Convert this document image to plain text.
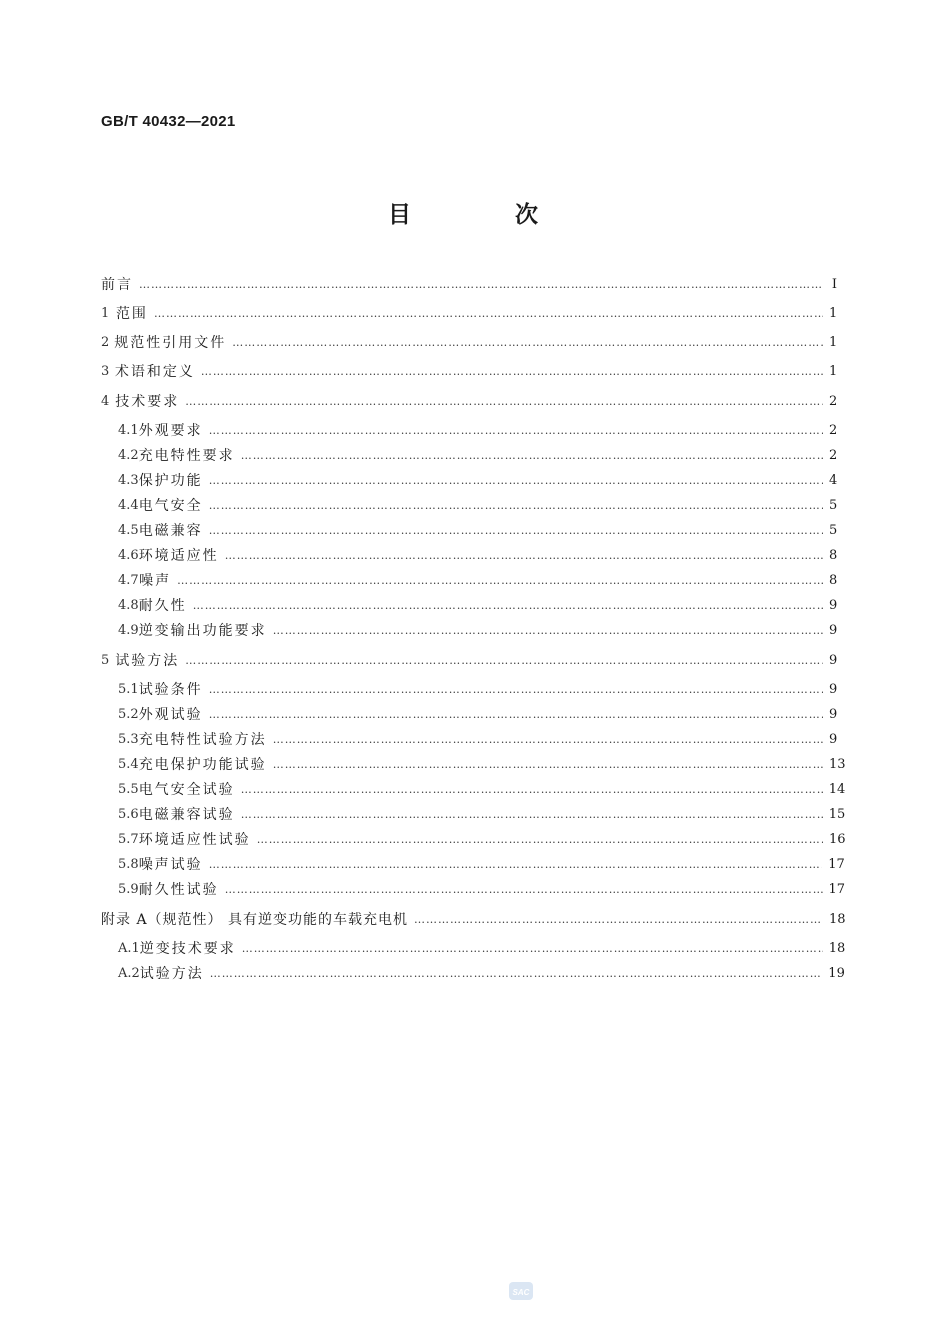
GB/T 40432—2021
目 次
前言 …………………………………………………………………………………………………………………………………………………………………………………………………………………………………………………………………	Ⅰ
1 范围 …………………………………………………………………………………………………………………………………………………………………………………………………………………………………………………………………	1
2 规范性引用文件 …………………………………………………………………………………………………………………………………………………………………………………………………………………………………………………………………	1
3 术语和定义 …………………………………………………………………………………………………………………………………………………………………………………………………………………………………………………………………	1
4 技术要求 …………………………………………………………………………………………………………………………………………………………………………………………………………………………………………………………………	2
4.1 外观要求 …………………………………………………………………………………………………………………………………………………………………………………………………………………………………………………………………	2
4.2 充电特性要求 …………………………………………………………………………………………………………………………………………………………………………………………………………………………………………………………………	2
4.3 保护功能 …………………………………………………………………………………………………………………………………………………………………………………………………………………………………………………………………	4
4.4 电气安全 …………………………………………………………………………………………………………………………………………………………………………………………………………………………………………………………………	5
4.5 电磁兼容 …………………………………………………………………………………………………………………………………………………………………………………………………………………………………………………………………	5
4.6 环境适应性 …………………………………………………………………………………………………………………………………………………………………………………………………………………………………………………………………	8
4.7 噪声 …………………………………………………………………………………………………………………………………………………………………………………………………………………………………………………………………	8
4.8 耐久性 …………………………………………………………………………………………………………………………………………………………………………………………………………………………………………………………………	9
4.9 逆变输出功能要求 …………………………………………………………………………………………………………………………………………………………………………………………………………………………………………………………………	9
5 试验方法 …………………………………………………………………………………………………………………………………………………………………………………………………………………………………………………………………	9
5.1 试验条件 …………………………………………………………………………………………………………………………………………………………………………………………………………………………………………………………………	9
5.2 外观试验 …………………………………………………………………………………………………………………………………………………………………………………………………………………………………………………………………	9
5.3 充电特性试验方法 …………………………………………………………………………………………………………………………………………………………………………………………………………………………………………………………………	9
5.4 充电保护功能试验 …………………………………………………………………………………………………………………………………………………………………………………………………………………………………………………………………	13
5.5 电气安全试验 …………………………………………………………………………………………………………………………………………………………………………………………………………………………………………………………………	14
5.6 电磁兼容试验 …………………………………………………………………………………………………………………………………………………………………………………………………………………………………………………………………	15
5.7 环境适应性试验 …………………………………………………………………………………………………………………………………………………………………………………………………………………………………………………………………	16
5.8 噪声试验 …………………………………………………………………………………………………………………………………………………………………………………………………………………………………………………………………	17
5.9 耐久性试验 …………………………………………………………………………………………………………………………………………………………………………………………………………………………………………………………………	17
附录 A（规范性） 具有逆变功能的车载充电机 …………………………………………………………………………………………………………………………………………………………………………………………………………………………………………………………………	18
A.1 逆变技术要求 …………………………………………………………………………………………………………………………………………………………………………………………………………………………………………………………………	18
A.2 试验方法 …………………………………………………………………………………………………………………………………………………………………………………………………………………………………………………………………	19
SAC
